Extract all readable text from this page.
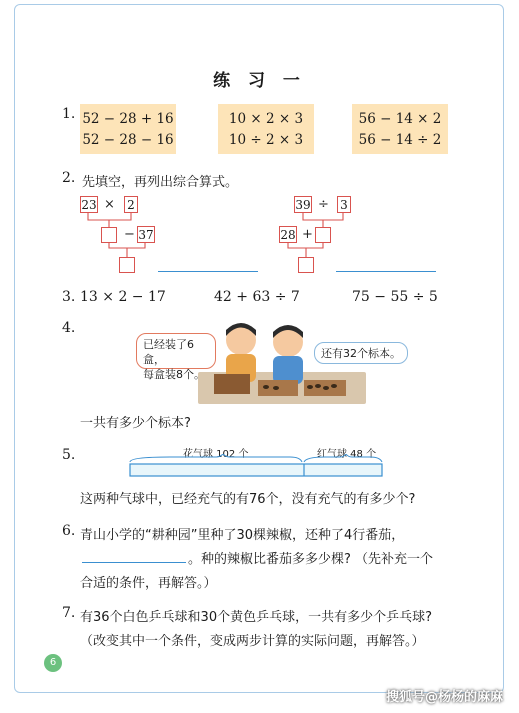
练 习 一
1. 52 − 28 + 16
52 − 28 − 16
10 × 2 × 3
10 ÷ 2 × 3
56 − 14 × 2
56 − 14 ÷ 2
2. 先填空，再列出综合算式。
23 × 2
− 37
39 ÷ 3
28 +
3. 13 × 2 − 17	42 + 63 ÷ 7	75 − 55 ÷ 5
4.
已经装了6盒，
每盒装8个。
还有32个标本。
一共有多少个标本?
5.	花气球 102 个	红气球 48 个
这两种气球中，已经充气的有76个，没有充气的有多少个?
6. 青山小学的“耕种园”里种了30棵辣椒，还种了4行番茄，
。种的辣椒比番茄多多少棵? （先补充一个
合适的条件，再解答。）
7. 有36个白色乒乓球和30个黄色乒乓球，一共有多少个乒乓球?
（改变其中一个条件，变成两步计算的实际问题，再解答。）
6
搜狐号@杨杨的麻麻
